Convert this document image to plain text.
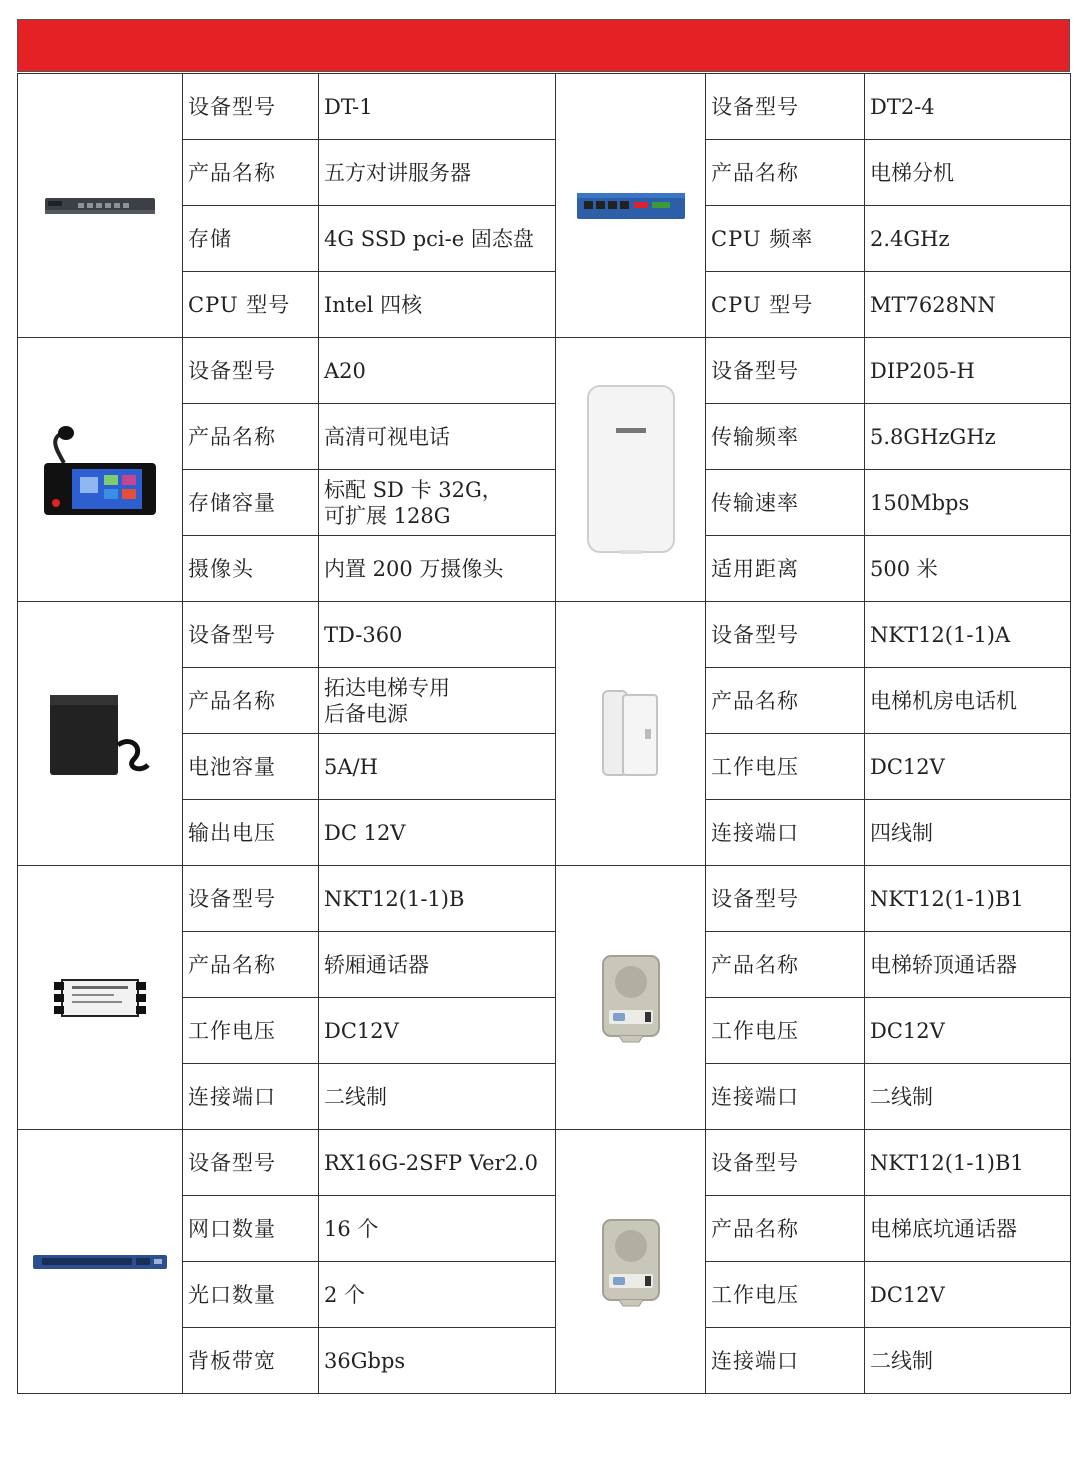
	设备型号	DT-1		设备型号	DT2-4
	产品名称	五方对讲服务器		产品名称	电梯分机
	存储	4G SSD pci-e 固态盘		CPU 频率	2.4GHz
	CPU 型号	Intel 四核		CPU 型号	MT7628NN

	设备型号	A20		设备型号	DIP205-H
	产品名称	高清可视电话		传输频率	5.8GHzGHz
	存储容量	标配 SD 卡 32G，
可扩展 128G		传输速率	150Mbps
	摄像头	内置 200 万摄像头		适用距离	500 米

	设备型号	TD-360		设备型号	NKT12(1-1)A
	产品名称	拓达电梯专用
后备电源		产品名称	电梯机房电话机
	电池容量	5A/H		工作电压	DC12V
	输出电压	DC 12V		连接端口	四线制

	设备型号	NKT12(1-1)B		设备型号	NKT12(1-1)B1
	产品名称	轿厢通话器		产品名称	电梯轿顶通话器
	工作电压	DC12V		工作电压	DC12V
	连接端口	二线制		连接端口	二线制

	设备型号	RX16G-2SFP Ver2.0		设备型号	NKT12(1-1)B1
	网口数量	16 个		产品名称	电梯底坑通话器
	光口数量	2 个		工作电压	DC12V
	背板带宽	36Gbps		连接端口	二线制
